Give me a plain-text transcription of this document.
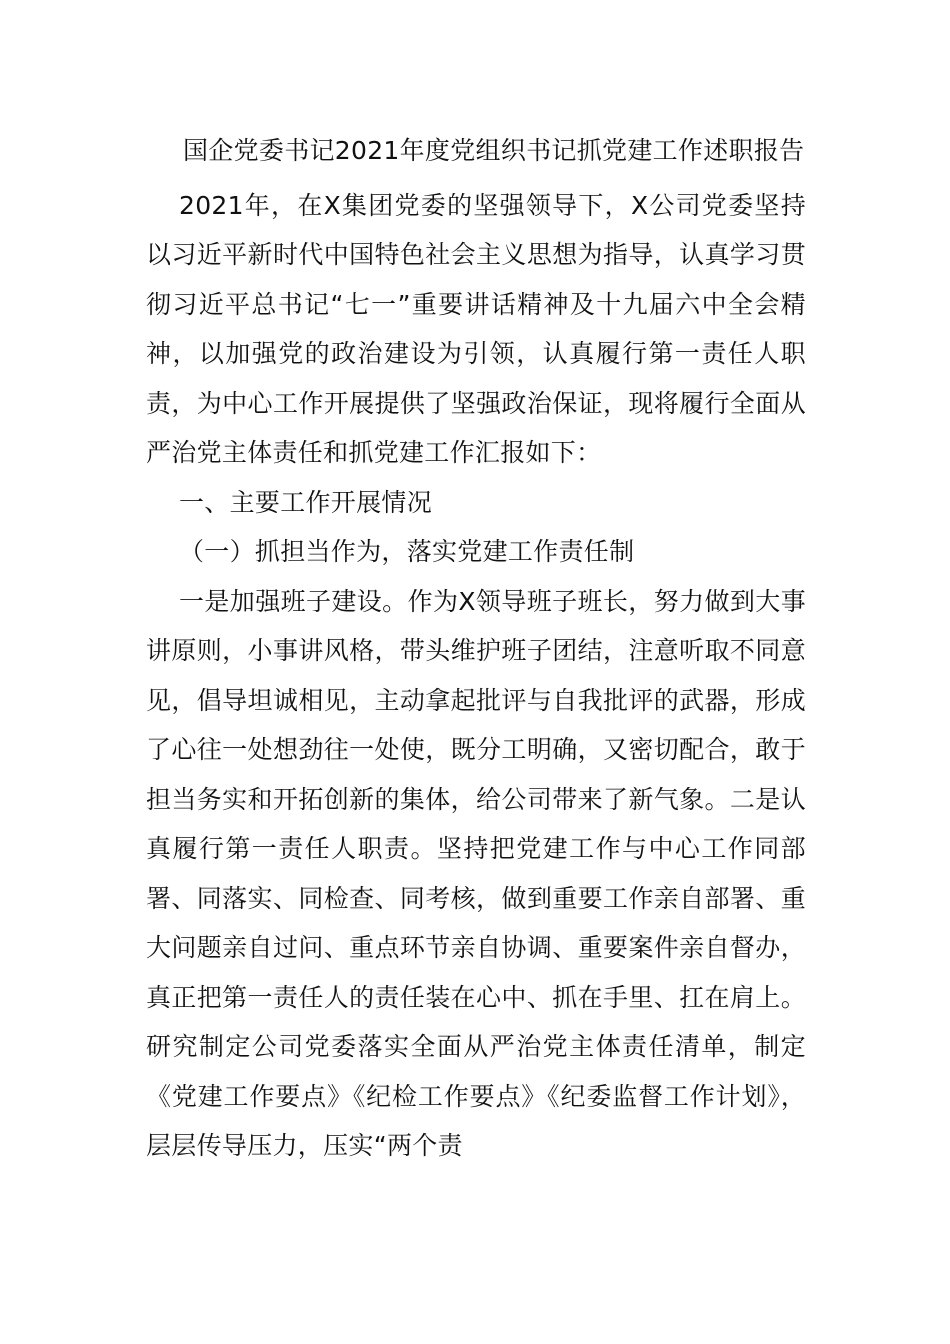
国企党委书记2021年度党组织书记抓党建工作述职报告

2021年，在X集团党委的坚强领导下，X公司党委坚持以习近平新时代中国特色社会主义思想为指导，认真学习贯彻习近平总书记“七一”重要讲话精神及十九届六中全会精神，以加强党的政治建设为引领，认真履行第一责任人职责，为中心工作开展提供了坚强政治保证，现将履行全面从严治党主体责任和抓党建工作汇报如下：

一、主要工作开展情况

（一）抓担当作为，落实党建工作责任制

一是加强班子建设。作为X领导班子班长，努力做到大事讲原则，小事讲风格，带头维护班子团结，注意听取不同意见，倡导坦诚相见，主动拿起批评与自我批评的武器，形成了心往一处想劲往一处使，既分工明确，又密切配合，敢于担当务实和开拓创新的集体，给公司带来了新气象。二是认真履行第一责任人职责。坚持把党建工作与中心工作同部署、同落实、同检查、同考核，做到重要工作亲自部署、重大问题亲自过问、重点环节亲自协调、重要案件亲自督办，真正把第一责任人的责任装在心中、抓在手里、扛在肩上。研究制定公司党委落实全面从严治党主体责任清单，制定《党建工作要点》《纪检工作要点》《纪委监督工作计划》，层层传导压力，压实“两个责
